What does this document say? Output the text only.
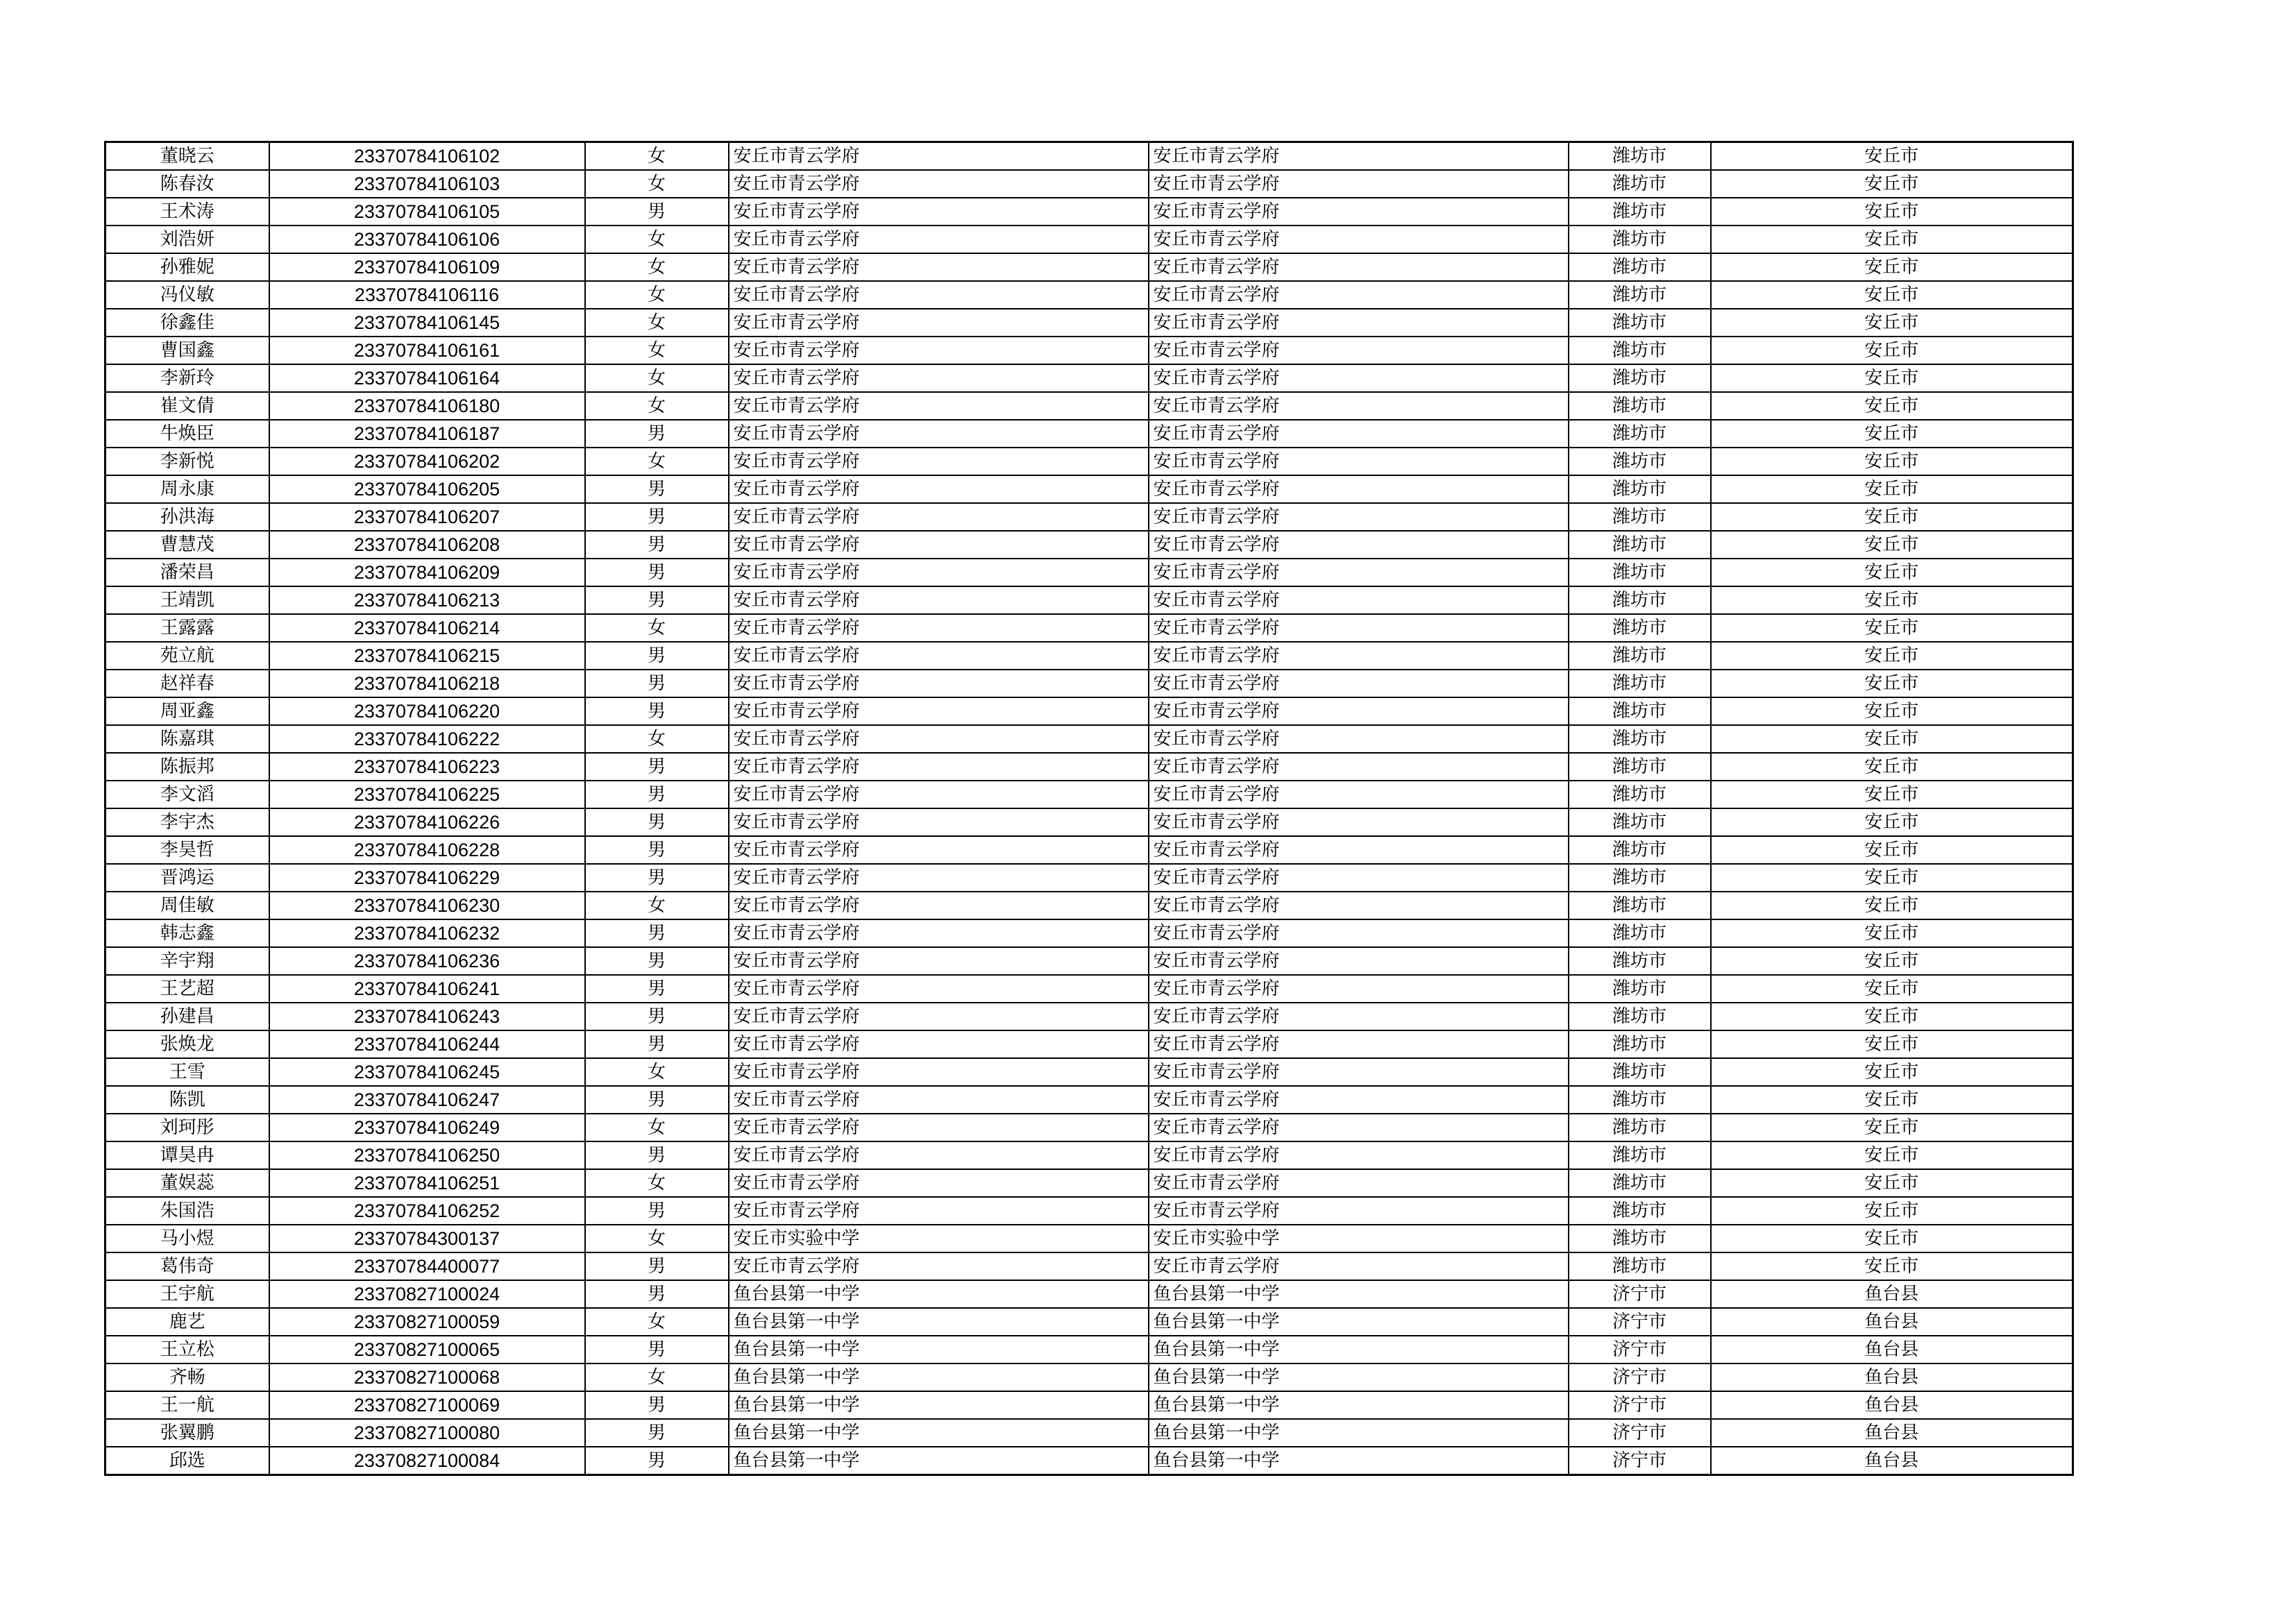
董晓云	23370784106102	女	安丘市青云学府	安丘市青云学府	潍坊市	安丘市
陈春汝	23370784106103	女	安丘市青云学府	安丘市青云学府	潍坊市	安丘市
王术涛	23370784106105	男	安丘市青云学府	安丘市青云学府	潍坊市	安丘市
刘浩妍	23370784106106	女	安丘市青云学府	安丘市青云学府	潍坊市	安丘市
孙雅妮	23370784106109	女	安丘市青云学府	安丘市青云学府	潍坊市	安丘市
冯仪敏	23370784106116	女	安丘市青云学府	安丘市青云学府	潍坊市	安丘市
徐鑫佳	23370784106145	女	安丘市青云学府	安丘市青云学府	潍坊市	安丘市
曹国鑫	23370784106161	女	安丘市青云学府	安丘市青云学府	潍坊市	安丘市
李新玲	23370784106164	女	安丘市青云学府	安丘市青云学府	潍坊市	安丘市
崔文倩	23370784106180	女	安丘市青云学府	安丘市青云学府	潍坊市	安丘市
牛焕臣	23370784106187	男	安丘市青云学府	安丘市青云学府	潍坊市	安丘市
李新悦	23370784106202	女	安丘市青云学府	安丘市青云学府	潍坊市	安丘市
周永康	23370784106205	男	安丘市青云学府	安丘市青云学府	潍坊市	安丘市
孙洪海	23370784106207	男	安丘市青云学府	安丘市青云学府	潍坊市	安丘市
曹慧茂	23370784106208	男	安丘市青云学府	安丘市青云学府	潍坊市	安丘市
潘荣昌	23370784106209	男	安丘市青云学府	安丘市青云学府	潍坊市	安丘市
王靖凯	23370784106213	男	安丘市青云学府	安丘市青云学府	潍坊市	安丘市
王露露	23370784106214	女	安丘市青云学府	安丘市青云学府	潍坊市	安丘市
苑立航	23370784106215	男	安丘市青云学府	安丘市青云学府	潍坊市	安丘市
赵祥春	23370784106218	男	安丘市青云学府	安丘市青云学府	潍坊市	安丘市
周亚鑫	23370784106220	男	安丘市青云学府	安丘市青云学府	潍坊市	安丘市
陈嘉琪	23370784106222	女	安丘市青云学府	安丘市青云学府	潍坊市	安丘市
陈振邦	23370784106223	男	安丘市青云学府	安丘市青云学府	潍坊市	安丘市
李文滔	23370784106225	男	安丘市青云学府	安丘市青云学府	潍坊市	安丘市
李宇杰	23370784106226	男	安丘市青云学府	安丘市青云学府	潍坊市	安丘市
李昊哲	23370784106228	男	安丘市青云学府	安丘市青云学府	潍坊市	安丘市
晋鸿运	23370784106229	男	安丘市青云学府	安丘市青云学府	潍坊市	安丘市
周佳敏	23370784106230	女	安丘市青云学府	安丘市青云学府	潍坊市	安丘市
韩志鑫	23370784106232	男	安丘市青云学府	安丘市青云学府	潍坊市	安丘市
辛宇翔	23370784106236	男	安丘市青云学府	安丘市青云学府	潍坊市	安丘市
王艺超	23370784106241	男	安丘市青云学府	安丘市青云学府	潍坊市	安丘市
孙建昌	23370784106243	男	安丘市青云学府	安丘市青云学府	潍坊市	安丘市
张焕龙	23370784106244	男	安丘市青云学府	安丘市青云学府	潍坊市	安丘市
王雪	23370784106245	女	安丘市青云学府	安丘市青云学府	潍坊市	安丘市
陈凯	23370784106247	男	安丘市青云学府	安丘市青云学府	潍坊市	安丘市
刘珂彤	23370784106249	女	安丘市青云学府	安丘市青云学府	潍坊市	安丘市
谭昊冉	23370784106250	男	安丘市青云学府	安丘市青云学府	潍坊市	安丘市
董娱蕊	23370784106251	女	安丘市青云学府	安丘市青云学府	潍坊市	安丘市
朱国浩	23370784106252	男	安丘市青云学府	安丘市青云学府	潍坊市	安丘市
马小煜	23370784300137	女	安丘市实验中学	安丘市实验中学	潍坊市	安丘市
葛伟奇	23370784400077	男	安丘市青云学府	安丘市青云学府	潍坊市	安丘市
王宇航	23370827100024	男	鱼台县第一中学	鱼台县第一中学	济宁市	鱼台县
鹿艺	23370827100059	女	鱼台县第一中学	鱼台县第一中学	济宁市	鱼台县
王立松	23370827100065	男	鱼台县第一中学	鱼台县第一中学	济宁市	鱼台县
齐畅	23370827100068	女	鱼台县第一中学	鱼台县第一中学	济宁市	鱼台县
王一航	23370827100069	男	鱼台县第一中学	鱼台县第一中学	济宁市	鱼台县
张翼鹏	23370827100080	男	鱼台县第一中学	鱼台县第一中学	济宁市	鱼台县
邱选	23370827100084	男	鱼台县第一中学	鱼台县第一中学	济宁市	鱼台县
